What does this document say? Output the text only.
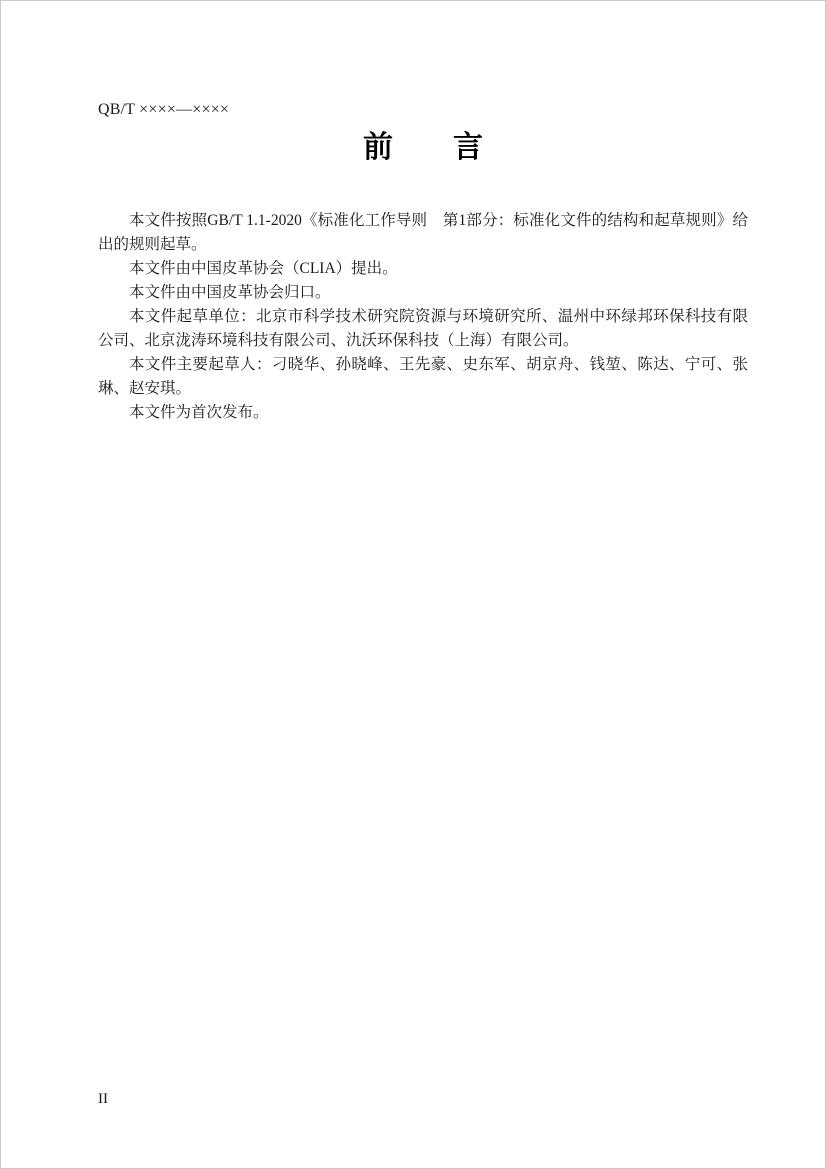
QB/T ××××—××××
前　　言

本文件按照GB/T 1.1-2020《标准化工作导则　第1部分：标准化文件的结构和起草规则》给出的规则起草。

本文件由中国皮革协会（CLIA）提出。

本文件由中国皮革协会归口。

本文件起草单位：北京市科学技术研究院资源与环境研究所、温州中环绿邦环保科技有限公司、北京泷涛环境科技有限公司、氿沃环保科技（上海）有限公司。

本文件主要起草人：刁晓华、孙晓峰、王先豪、史东军、胡京舟、钱堃、陈达、宁可、张琳、赵安琪。

本文件为首次发布。

II
